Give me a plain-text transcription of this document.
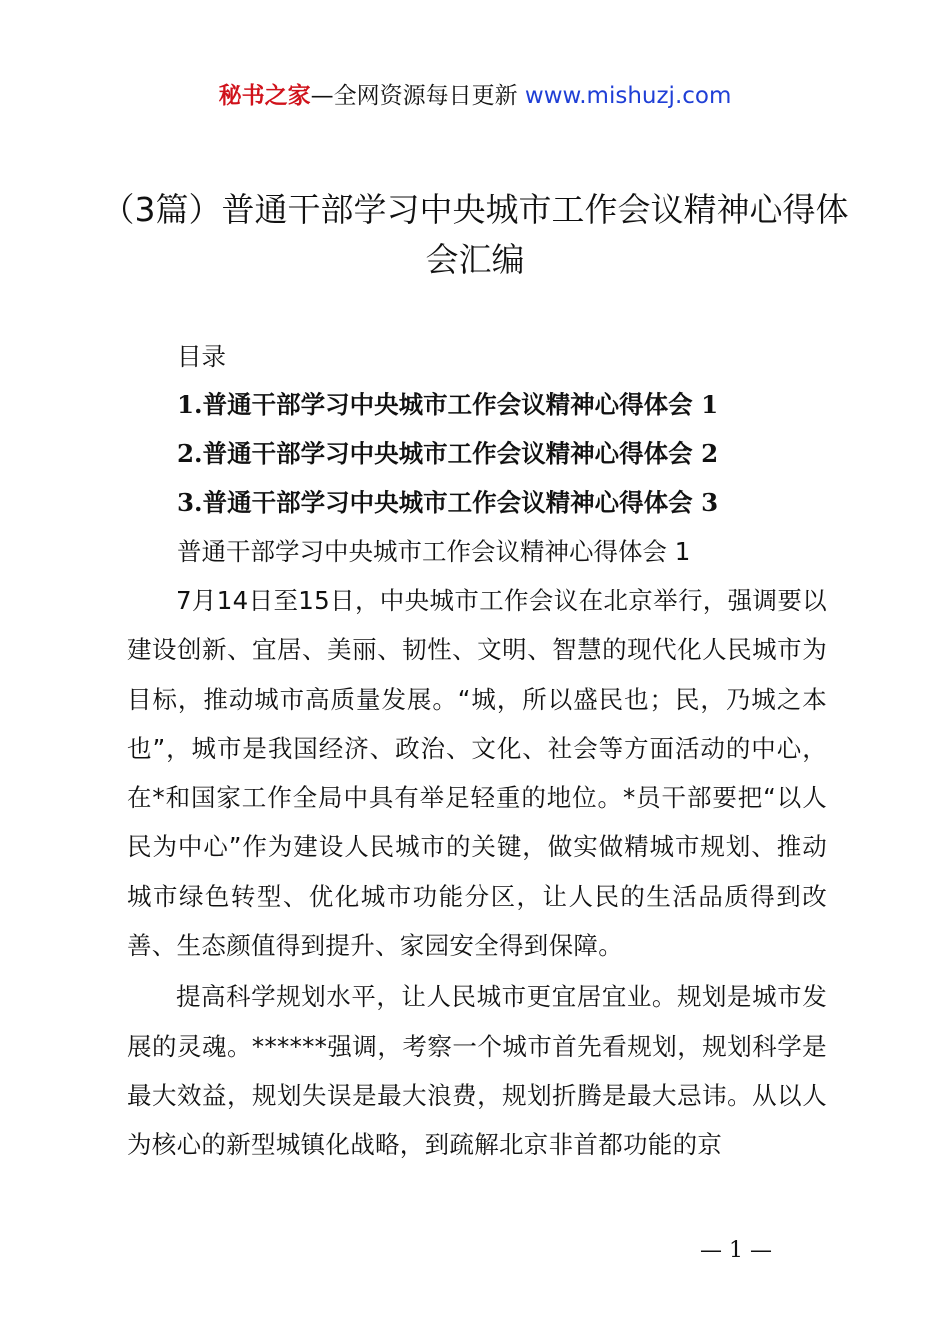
秘书之家—全网资源每日更新 www.mishuzj.com
（3篇）普通干部学习中央城市工作会议精神心得体会汇编

目录

1.普通干部学习中央城市工作会议精神心得体会 1
2.普通干部学习中央城市工作会议精神心得体会 2
3.普通干部学习中央城市工作会议精神心得体会 3
普通干部学习中央城市工作会议精神心得体会 1

7月14日至15日，中央城市工作会议在北京举行，强调要以建设创新、宜居、美丽、韧性、文明、智慧的现代化人民城市为目标，推动城市高质量发展。“城，所以盛民也；民，乃城之本也”，城市是我国经济、政治、文化、社会等方面活动的中心，在*和国家工作全局中具有举足轻重的地位。*员干部要把“以人民为中心”作为建设人民城市的关键，做实做精城市规划、推动城市绿色转型、优化城市功能分区，让人民的生活品质得到改善、生态颜值得到提升、家园安全得到保障。

提高科学规划水平，让人民城市更宜居宜业。规划是城市发展的灵魂。******强调，考察一个城市首先看规划，规划科学是最大效益，规划失误是最大浪费，规划折腾是最大忌讳。从以人为核心的新型城镇化战略，到疏解北京非首都功能的京

— 1 —
